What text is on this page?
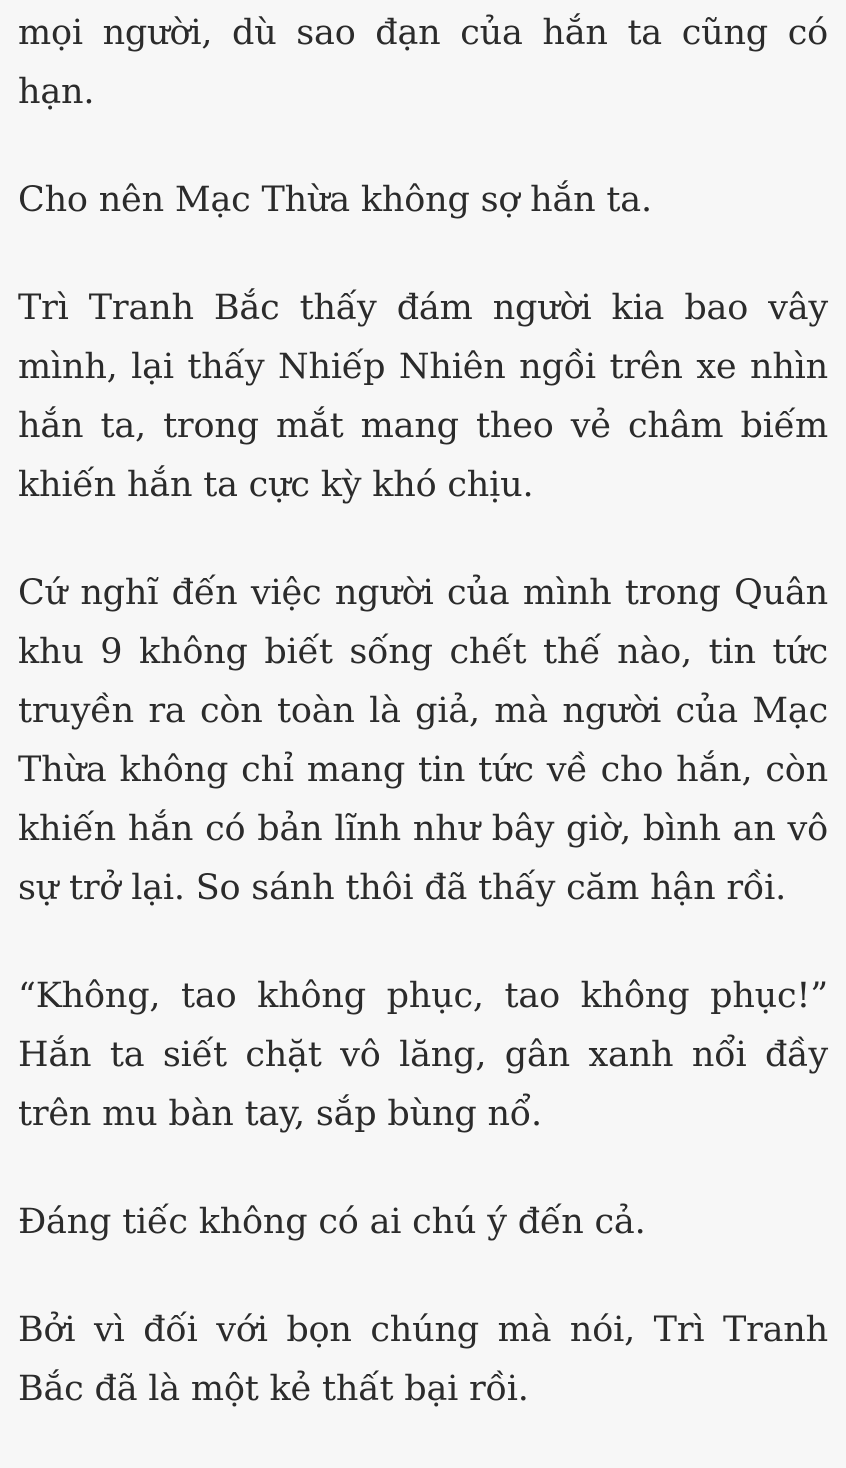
mọi người, dù sao đạn của hắn ta cũng có hạn.

Cho nên Mạc Thừa không sợ hắn ta.

Trì Tranh Bắc thấy đám người kia bao vây mình, lại thấy Nhiếp Nhiên ngồi trên xe nhìn hắn ta, trong mắt mang theo vẻ châm biếm khiến hắn ta cực kỳ khó chịu.

Cứ nghĩ đến việc người của mình trong Quân khu 9 không biết sống chết thế nào, tin tức truyền ra còn toàn là giả, mà người của Mạc Thừa không chỉ mang tin tức về cho hắn, còn khiến hắn có bản lĩnh như bây giờ, bình an vô sự trở lại. So sánh thôi đã thấy căm hận rồi.

“Không, tao không phục, tao không phục!” Hắn ta siết chặt vô lăng, gân xanh nổi đầy trên mu bàn tay, sắp bùng nổ.

Đáng tiếc không có ai chú ý đến cả.

Bởi vì đối với bọn chúng mà nói, Trì Tranh Bắc đã là một kẻ thất bại rồi.
